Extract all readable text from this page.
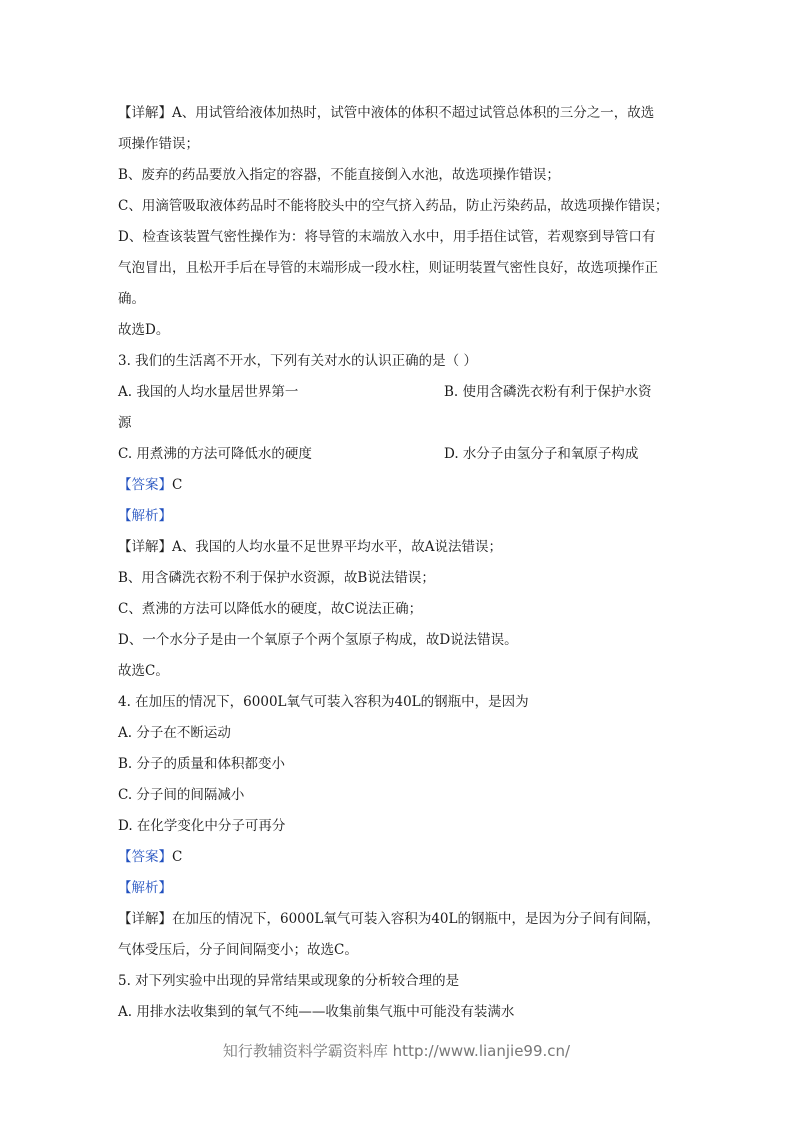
【详解】A、用试管给液体加热时，试管中液体的体积不超过试管总体积的三分之一，故选
项操作错误；
B、废弃的药品要放入指定的容器，不能直接倒入水池，故选项操作错误；
C、用滴管吸取液体药品时不能将胶头中的空气挤入药品，防止污染药品，故选项操作错误；
D、检查该装置气密性操作为：将导管的末端放入水中，用手捂住试管，若观察到导管口有
气泡冒出，且松开手后在导管的末端形成一段水柱，则证明装置气密性良好，故选项操作正
确。
故选D。
3. 我们的生活离不开水，下列有关对水的认识正确的是（ ）
A. 我国的人均水量居世界第一	B. 使用含磷洗衣粉有利于保护水资
源
C. 用煮沸的方法可降低水的硬度	D. 水分子由氢分子和氧原子构成
【答案】C
【解析】
【详解】A、我国的人均水量不足世界平均水平，故A说法错误；
B、用含磷洗衣粉不利于保护水资源，故B说法错误；
C、煮沸的方法可以降低水的硬度，故C说法正确；
D、一个水分子是由一个氧原子个两个氢原子构成，故D说法错误。
故选C。
4. 在加压的情况下，6000L氧气可装入容积为40L的钢瓶中，是因为
A. 分子在不断运动
B. 分子的质量和体积都变小
C. 分子间的间隔减小
D. 在化学变化中分子可再分
【答案】C
【解析】
【详解】在加压的情况下，6000L氧气可装入容积为40L的钢瓶中，是因为分子间有间隔，
气体受压后，分子间间隔变小；故选C。
5. 对下列实验中出现的异常结果或现象的分析较合理的是
A. 用排水法收集到的氧气不纯——收集前集气瓶中可能没有装满水
知行教辅资料学霸资料库 http://www.lianjie99.cn/
